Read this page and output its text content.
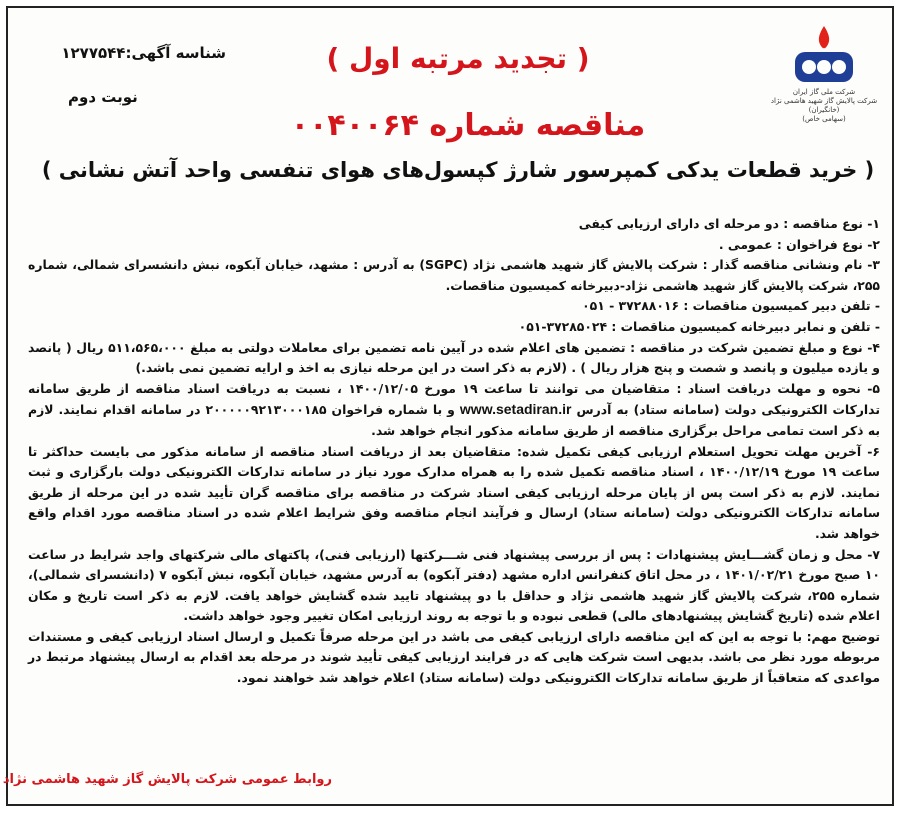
شرکت ملی گاز ایران
شرکت پالایش گاز شهید هاشمی نژاد
(خانگیران)
(سهامی خاص)
شناسه آگهی:۱۲۷۷۵۴۴
نوبت دوم
( تجدید مرتبه اول )
مناقصه شماره ۰۰۴۰۰۶۴
( خرید قطعات یدکی کمپرسور شارژ کپسول‌های هوای تنفسی واحد آتش نشانی )

۱- نوع مناقصه : دو مرحله ای دارای ارزیابی کیفی

۲- نوع فراخوان : عمومی .

۳- نام ونشانی مناقصه گذار : شرکت پالایش گاز شهید هاشمی نژاد (SGPC) به آدرس : مشهد، خیابان آبکوه، نبش دانشسرای شمالی، شماره ۲۵۵، شرکت پالایش گاز شهید هاشمی نژاد-دبیرخانه کمیسیون مناقصات.

- تلفن دبیر کمیسیون مناقصات : ۳۷۲۸۸۰۱۶ - ۰۵۱

- تلفن و نمابر دبیرخانه کمیسیون مناقصات : ۳۷۲۸۵۰۲۴-۰۵۱

۴- نوع و مبلغ تضمین شرکت در مناقصه : تضمین های اعلام شده در آیین نامه تضمین برای معاملات دولتی به مبلغ ۵۱۱،۵۶۵،۰۰۰ ریال ( پانصد و یازده میلیون و پانصد و شصت و پنج هزار ریال ) . (لازم به ذکر است در این مرحله نیازی به اخذ و ارایه تضمین نمی باشد.)

۵- نحوه و مهلت دریافت اسناد : متقاضیان می توانند تا ساعت ۱۹ مورخ ۱۴۰۰/۱۲/۰۵ ، نسبت به دریافت اسناد مناقصه از طریق سامانه تدارکات الکترونیکی دولت (سامانه ستاد) به آدرس www.setadiran.ir و با شماره فراخوان ۲۰۰۰۰۰۹۲۱۳۰۰۰۱۸۵ در سامانه اقدام نمایند. لازم به ذکر است تمامی مراحل برگزاری مناقصه از طریق سامانه مذکور انجام خواهد شد.

۶- آخرین مهلت تحویل استعلام ارزیابی کیفی تکمیل شده: متقاضیان بعد از دریافت اسناد مناقصه از سامانه مذکور می بایست حداکثر تا ساعت ۱۹ مورخ ۱۴۰۰/۱۲/۱۹ ، اسناد مناقصه تکمیل شده را به همراه مدارک مورد نیاز در سامانه تدارکات الکترونیکی دولت بارگزاری و ثبت نمایند. لازم به ذکر است پس از پایان مرحله ارزیابی کیفی اسناد شرکت در مناقصه برای مناقصه گران تأیید شده در این مرحله از طریق سامانه تدارکات الکترونیکی دولت (سامانه ستاد) ارسال و فرآیند انجام مناقصه وفق شرایط اعلام شده در اسناد مناقصه مورد اقدام واقع خواهد شد.

۷- محل و زمان گشـــایش پیشنهادات : پس از بررسی پیشنهاد فنی شـــرکتها (ارزیابی فنی)، پاکتهای مالی شرکتهای واجد شرایط در ساعت ۱۰ صبح مورخ ۱۴۰۱/۰۲/۲۱ ، در محل اتاق کنفرانس اداره مشهد (دفتر آبکوه) به آدرس مشهد، خیابان آبکوه، نبش آبکوه ۷ (دانشسرای شمالی)، شماره ۲۵۵، شرکت پالایش گاز شهید هاشمی نژاد و حداقل با دو پیشنهاد تایید شده گشایش خواهد یافت. لازم به ذکر است تاریخ و مکان اعلام شده (تاریخ گشایش پیشنهادهای مالی) قطعی نبوده و با توجه به روند ارزیابی امکان تغییر وجود خواهد داشت.

توضیح مهم: با توجه به این که این مناقصه دارای ارزیابی کیفی می باشد در این مرحله صرفاً تکمیل و ارسال اسناد ارزیابی کیفی و مستندات مربوطه مورد نظر می باشد. بدیهی است شرکت هایی که در فرایند ارزیابی کیفی تأیید شوند در مرحله بعد اقدام به ارسال پیشنهاد مرتبط در مواعدی که متعاقباً از طریق سامانه تدارکات الکترونیکی دولت (سامانه ستاد) اعلام خواهد شد خواهند نمود.

روابط عمومی شرکت پالایش گاز شهید هاشمی نژاد
